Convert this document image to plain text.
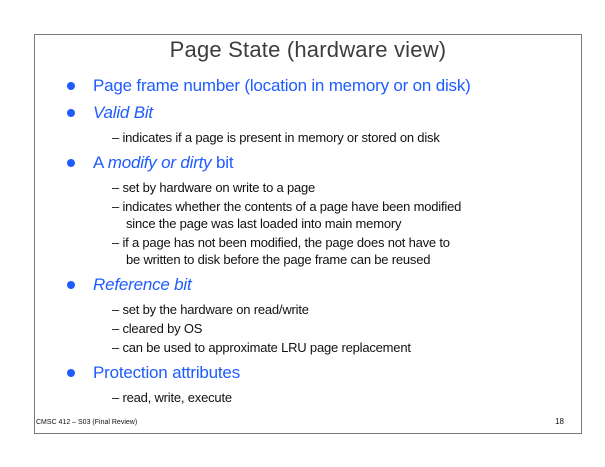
Page State (hardware view)
Page frame number (location in memory or on disk)
Valid Bit
– indicates if a page is present in memory or stored on disk
A modify or dirty bit
– set by hardware on write to a page
– indicates whether the contents of a page have been modified
since the page was last loaded into main memory
– if a page has not been modified, the page does not have to
be written to disk before the page frame can be reused
Reference bit
– set by the hardware on read/write
– cleared by OS
– can be used to approximate LRU page replacement
Protection attributes
– read, write, execute
CMSC 412 – S03 (Final Review)	18
